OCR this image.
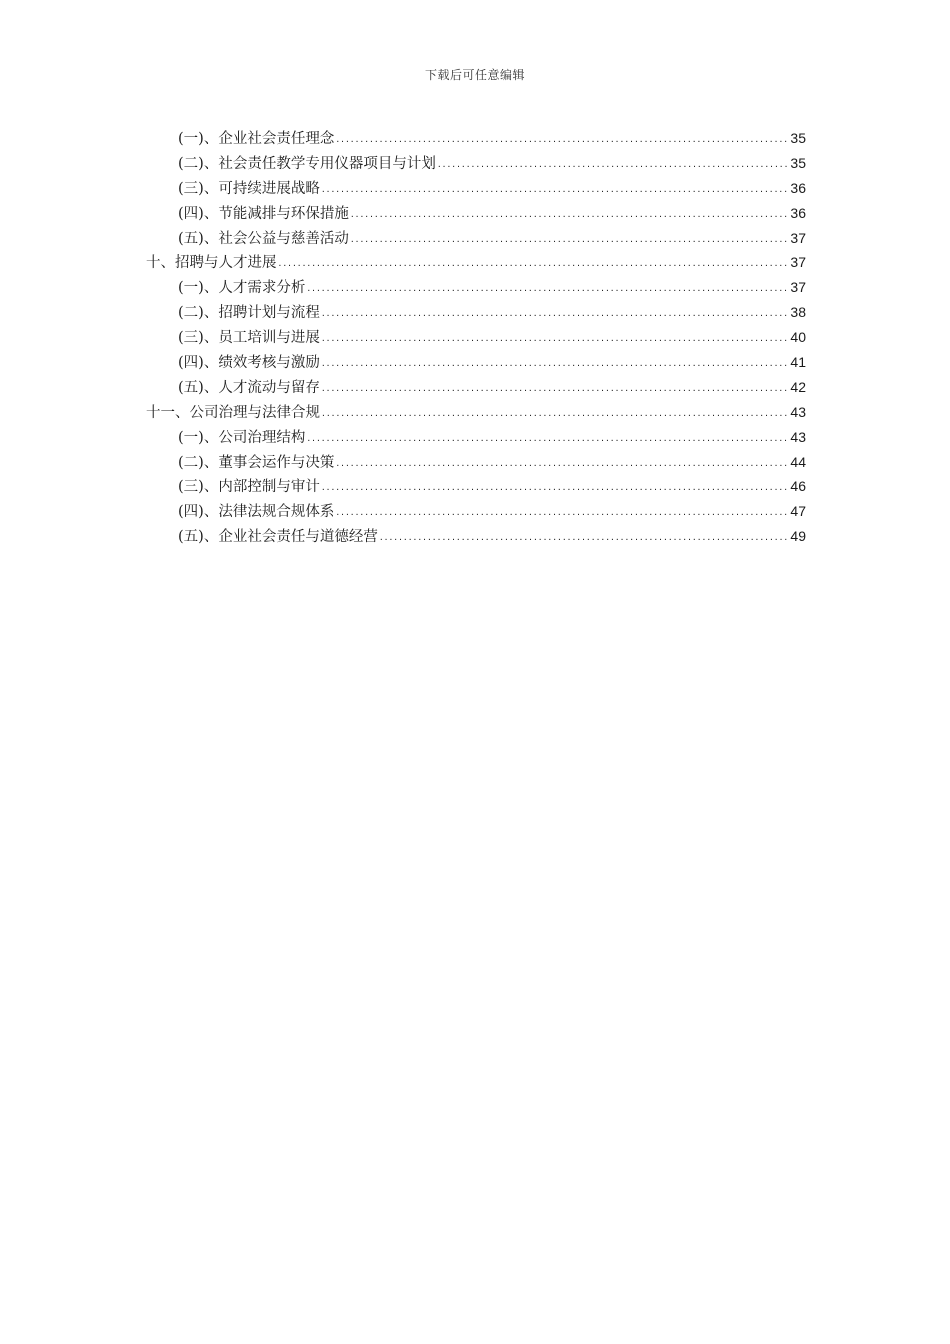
下载后可任意编辑
(一)、企业社会责任理念 .....	35
(二)、社会责任教学专用仪器项目与计划 .....	35
(三)、可持续进展战略 .....	36
(四)、节能减排与环保措施 .....	36
(五)、社会公益与慈善活动 .....	37
十、招聘与人才进展 .....	37
(一)、人才需求分析 .....	37
(二)、招聘计划与流程 .....	38
(三)、员工培训与进展 .....	40
(四)、绩效考核与激励 .....	41
(五)、人才流动与留存 .....	42
十一、公司治理与法律合规 .....	43
(一)、公司治理结构 .....	43
(二)、董事会运作与决策 .....	44
(三)、内部控制与审计 .....	46
(四)、法律法规合规体系 .....	47
(五)、企业社会责任与道德经营 .....	49
